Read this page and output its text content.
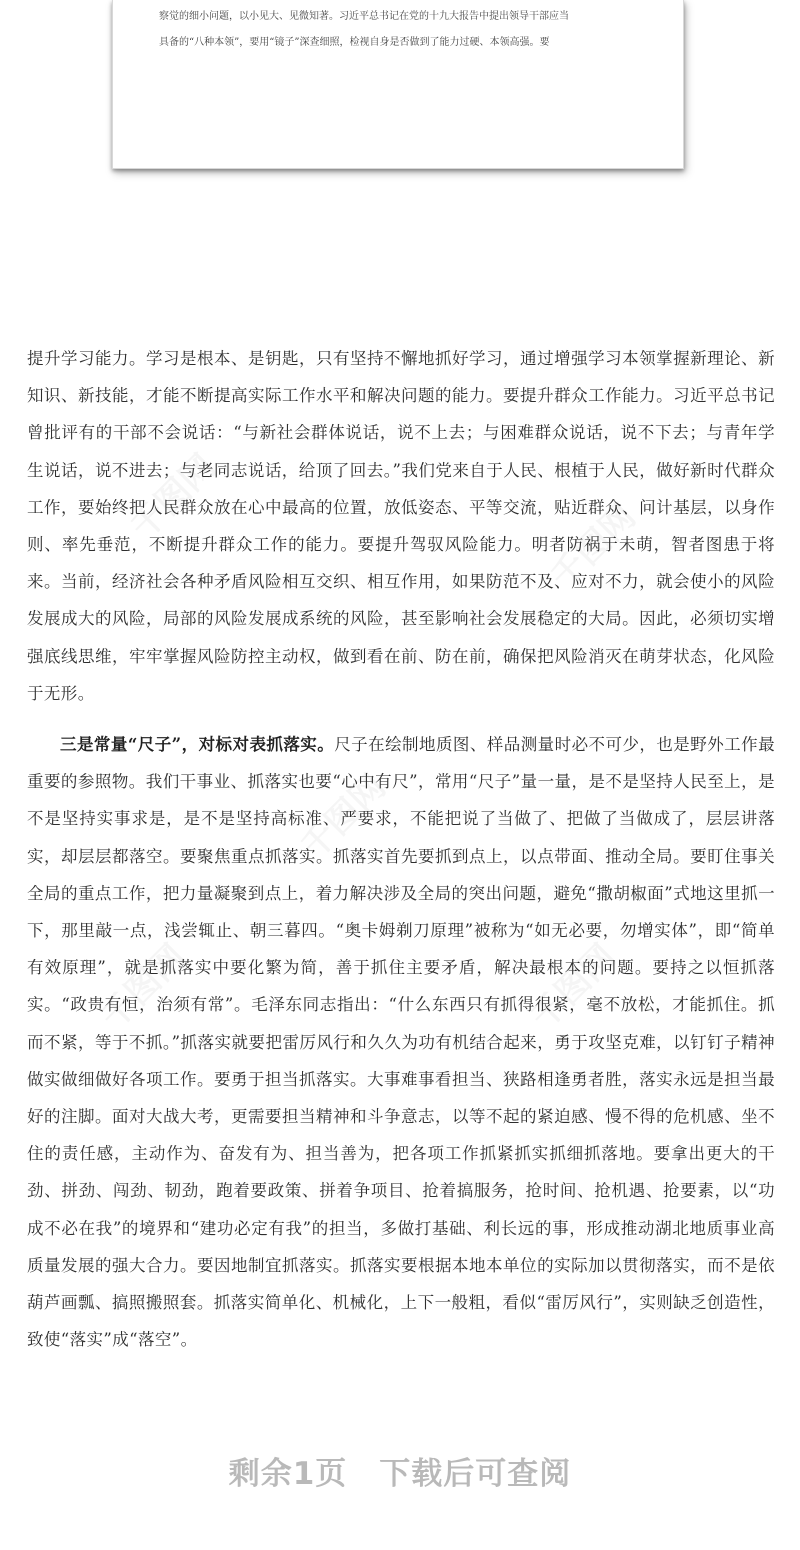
察觉的细小问题，以小见大、见微知著。习近平总书记在党的十九大报告中提出领导干部应当
具备的“八种本领”，要用“镜子”深查细照，检视自身是否做到了能力过硬、本领高强。要
千图网	千图网
千图网
千图网	千图网

提升学习能力。学习是根本、是钥匙，只有坚持不懈地抓好学习，通过增强学习本领掌握新理论、新知识、新技能，才能不断提高实际工作水平和解决问题的能力。要提升群众工作能力。习近平总书记曾批评有的干部不会说话：“与新社会群体说话，说不上去；与困难群众说话，说不下去；与青年学生说话，说不进去；与老同志说话，给顶了回去。”我们党来自于人民、根植于人民，做好新时代群众工作，要始终把人民群众放在心中最高的位置，放低姿态、平等交流，贴近群众、问计基层，以身作则、率先垂范，不断提升群众工作的能力。要提升驾驭风险能力。明者防祸于未萌，智者图患于将来。当前，经济社会各种矛盾风险相互交织、相互作用，如果防范不及、应对不力，就会使小的风险发展成大的风险，局部的风险发展成系统的风险，甚至影响社会发展稳定的大局。因此，必须切实增强底线思维，牢牢掌握风险防控主动权，做到看在前、防在前，确保把风险消灭在萌芽状态，化风险于无形。

三是常量“尺子”，对标对表抓落实。尺子在绘制地质图、样品测量时必不可少，也是野外工作最重要的参照物。我们干事业、抓落实也要“心中有尺”，常用“尺子”量一量，是不是坚持人民至上，是不是坚持实事求是，是不是坚持高标准、严要求，不能把说了当做了、把做了当做成了，层层讲落实，却层层都落空。要聚焦重点抓落实。抓落实首先要抓到点上，以点带面、推动全局。要盯住事关全局的重点工作，把力量凝聚到点上，着力解决涉及全局的突出问题，避免“撒胡椒面”式地这里抓一下，那里敲一点，浅尝辄止、朝三暮四。“奥卡姆剃刀原理”被称为“如无必要，勿增实体”，即“简单有效原理”，就是抓落实中要化繁为简，善于抓住主要矛盾，解决最根本的问题。要持之以恒抓落实。“政贵有恒，治须有常”。毛泽东同志指出：“什么东西只有抓得很紧，毫不放松，才能抓住。抓而不紧，等于不抓。”抓落实就要把雷厉风行和久久为功有机结合起来，勇于攻坚克难，以钉钉子精神做实做细做好各项工作。要勇于担当抓落实。大事难事看担当、狭路相逢勇者胜，落实永远是担当最好的注脚。面对大战大考，更需要担当精神和斗争意志，以等不起的紧迫感、慢不得的危机感、坐不住的责任感，主动作为、奋发有为、担当善为，把各项工作抓紧抓实抓细抓落地。要拿出更大的干劲、拼劲、闯劲、韧劲，跑着要政策、拼着争项目、抢着搞服务，抢时间、抢机遇、抢要素，以“功成不必在我”的境界和“建功必定有我”的担当，多做打基础、利长远的事，形成推动湖北地质事业高质量发展的强大合力。要因地制宜抓落实。抓落实要根据本地本单位的实际加以贯彻落实，而不是依葫芦画瓢、搞照搬照套。抓落实简单化、机械化，上下一般粗，看似“雷厉风行”，实则缺乏创造性，致使“落实”成“落空”。

剩余1页 下载后可查阅
